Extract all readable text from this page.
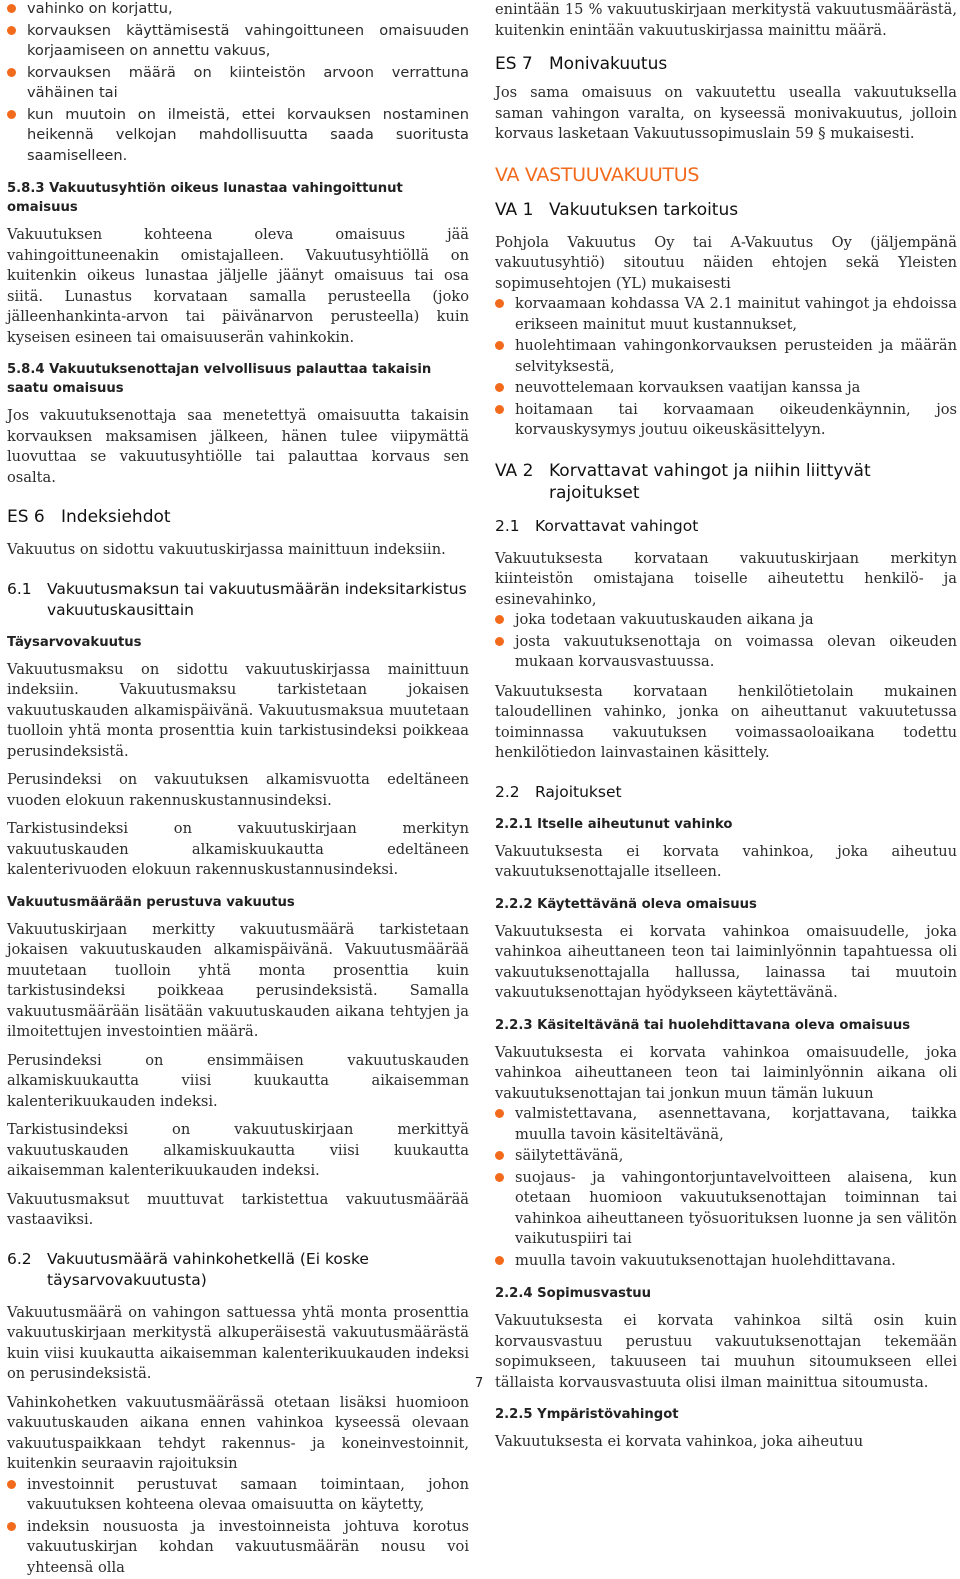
vahinko on korjattu,
korvauksen käyttämisestä vahingoittuneen omaisuuden korjaamiseen on annettu vakuus,
korvauksen määrä on kiinteistön arvoon verrattuna vähäinen tai
kun muutoin on ilmeistä, ettei korvauksen nostaminen heikennä velkojan mahdollisuutta saada suoritusta saamiselleen.
5.8.3 Vakuutusyhtiön oikeus lunastaa vahingoittunut omaisuus

Vakuutuksen kohteena oleva omaisuus jää vahingoittuneenakin omistajalleen. Vakuutusyhtiöllä on kuitenkin oikeus lunastaa jäljelle jäänyt omaisuus tai osa siitä. Lunastus korvataan samalla perusteella (joko jälleenhankinta-arvon tai päivänarvon perusteella) kuin kyseisen esineen tai omaisuuserän vahinkokin.

5.8.4 Vakuutuksenottajan velvollisuus palauttaa takaisin saatu omaisuus

Jos vakuutuksenottaja saa menetettyä omaisuutta takaisin korvauksen maksamisen jälkeen, hänen tulee viipymättä luovuttaa se vakuutusyhtiölle tai palauttaa korvaus sen osalta.

ES 6 Indeksiehdot

Vakuutus on sidottu vakuutuskirjassa mainittuun indeksiin.

6.1 Vakuutusmaksun tai vakuutusmäärän indeksitarkistus vakuutuskausittain
Täysarvovakuutus

Vakuutusmaksu on sidottu vakuutuskirjassa mainittuun indeksiin. Vakuutusmaksu tarkistetaan jokaisen vakuutuskauden alkamispäivänä. Vakuutusmaksua muutetaan tuolloin yhtä monta prosenttia kuin tarkistusindeksi poikkeaa perusindeksistä.

Perusindeksi on vakuutuksen alkamisvuotta edeltäneen vuoden elokuun rakennuskustannusindeksi.

Tarkistusindeksi on vakuutuskirjaan merkityn vakuutuskauden alkamiskuukautta edeltäneen kalenterivuoden elokuun rakennuskustannusindeksi.

Vakuutusmäärään perustuva vakuutus

Vakuutuskirjaan merkitty vakuutusmäärä tarkistetaan jokaisen vakuutuskauden alkamispäivänä. Vakuutusmäärää muutetaan tuolloin yhtä monta prosenttia kuin tarkistusindeksi poikkeaa perusindeksistä. Samalla vakuutusmäärään lisätään vakuutuskauden aikana tehtyjen ja ilmoitettujen investointien määrä.

Perusindeksi on ensimmäisen vakuutuskauden alkamiskuukautta viisi kuukautta aikaisemman kalenterikuukauden indeksi.

Tarkistusindeksi on vakuutuskirjaan merkittyä vakuutuskauden alkamiskuukautta viisi kuukautta aikaisemman kalenterikuukauden indeksi.

Vakuutusmaksut muuttuvat tarkistettua vakuutusmäärää vastaaviksi.

6.2 Vakuutusmäärä vahinkohetkellä (Ei koske täysarvovakuutusta)

Vakuutusmäärä on vahingon sattuessa yhtä monta prosenttia vakuutuskirjaan merkitystä alkuperäisestä vakuutusmäärästä kuin viisi kuukautta aikaisemman kalenterikuukauden indeksi on perusindeksistä.

Vahinkohetken vakuutusmäärässä otetaan lisäksi huomioon vakuutuskauden aikana ennen vahinkoa kyseessä olevaan vakuutuspaikkaan tehdyt rakennus- ja koneinvestoinnit, kuitenkin seuraavin rajoituksin

investoinnit perustuvat samaan toimintaan, johon vakuutuksen kohteena olevaa omaisuutta on käytetty,
indeksin nousuosta ja investoinneista johtuva korotus vakuutuskirjan kohdan vakuutusmäärän nousu voi yhteensä olla

enintään 15 % vakuutuskirjaan merkitystä vakuutusmäärästä, kuitenkin enintään vakuutuskirjassa mainittu määrä.

ES 7 Monivakuutus

Jos sama omaisuus on vakuutettu usealla vakuutuksella saman vahingon varalta, on kyseessä monivakuutus, jolloin korvaus lasketaan Vakuutussopimuslain 59 § mukaisesti.

VA VASTUUVAKUUTUS
VA 1 Vakuutuksen tarkoitus

Pohjola Vakuutus Oy tai A-Vakuutus Oy (jäljempänä vakuutusyhtiö) sitoutuu näiden ehtojen sekä Yleisten sopimusehtojen (YL) mukaisesti

korvaamaan kohdassa VA 2.1 mainitut vahingot ja ehdoissa erikseen mainitut muut kustannukset,
huolehtimaan vahingonkorvauksen perusteiden ja määrän selvityksestä,
neuvottelemaan korvauksen vaatijan kanssa ja
hoitamaan tai korvaamaan oikeudenkäynnin, jos korvauskysymys joutuu oikeuskäsittelyyn.
VA 2 Korvattavat vahingot ja niihin liittyvät rajoitukset
2.1 Korvattavat vahingot

Vakuutuksesta korvataan vakuutuskirjaan merkityn kiinteistön omistajana toiselle aiheutettu henkilö- ja esinevahinko,

joka todetaan vakuutuskauden aikana ja
josta vakuutuksenottaja on voimassa olevan oikeuden mukaan korvausvastuussa.

Vakuutuksesta korvataan henkilötietolain mukainen taloudellinen vahinko, jonka on aiheuttanut vakuutetussa toiminnassa vakuutuksen voimassaoloaikana todettu henkilötiedon lainvastainen käsittely.

2.2 Rajoitukset
2.2.1 Itselle aiheutunut vahinko

Vakuutuksesta ei korvata vahinkoa, joka aiheutuu vakuutuksenottajalle itselleen.

2.2.2 Käytettävänä oleva omaisuus

Vakuutuksesta ei korvata vahinkoa omaisuudelle, joka vahinkoa aiheuttaneen teon tai laiminlyönnin tapahtuessa oli vakuutuksenottajalla hallussa, lainassa tai muutoin vakuutuksenottajan hyödykseen käytettävänä.

2.2.3 Käsiteltävänä tai huolehdittavana oleva omaisuus

Vakuutuksesta ei korvata vahinkoa omaisuudelle, joka vahinkoa aiheuttaneen teon tai laiminlyönnin aikana oli vakuutuksenottajan tai jonkun muun tämän lukuun

valmistettavana, asennettavana, korjattavana, taikka muulla tavoin käsiteltävänä,
säilytettävänä,
suojaus- ja vahingontorjuntavelvoitteen alaisena, kun otetaan huomioon vakuutuksenottajan toiminnan tai vahinkoa aiheuttaneen työsuorituksen luonne ja sen välitön vaikutuspiiri tai
muulla tavoin vakuutuksenottajan huolehdittavana.
2.2.4 Sopimusvastuu

Vakuutuksesta ei korvata vahinkoa siltä osin kuin korvausvastuu perustuu vakuutuksenottajan tekemään sopimukseen, takuuseen tai muuhun sitoumukseen ellei tällaista korvausvastuuta olisi ilman mainittua sitoumusta.

2.2.5 Ympäristövahingot

Vakuutuksesta ei korvata vahinkoa, joka aiheutuu

7
